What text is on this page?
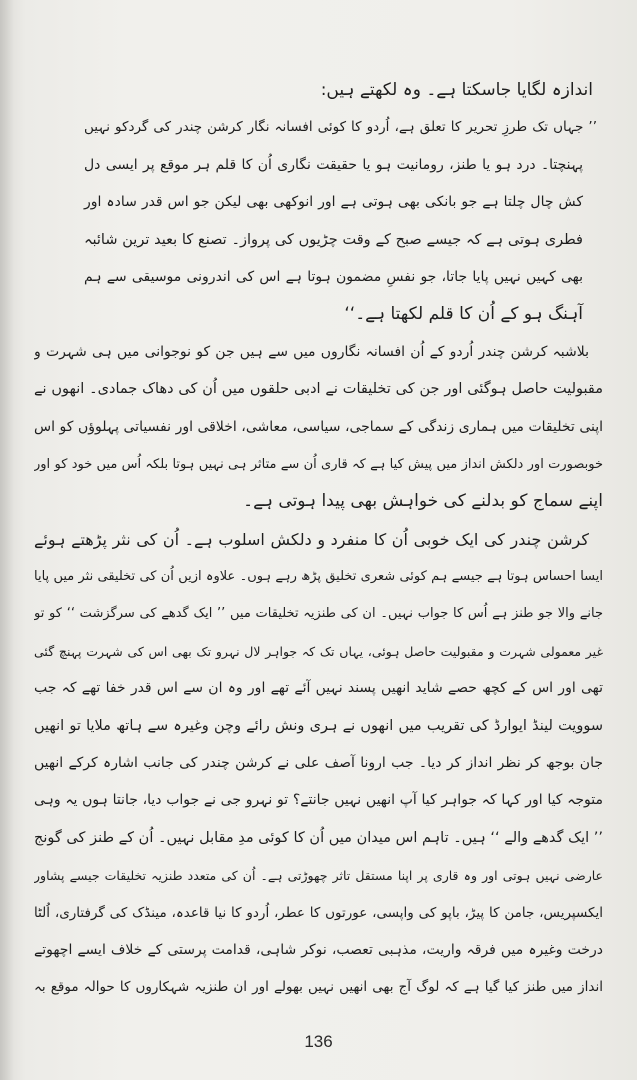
اندازہ لگایا جاسکتا ہے۔ وہ لکھتے ہیں:
’’ جہاں تک طرزِ تحریر کا تعلق ہے، اُردو کا کوئی افسانہ نگار کرشن چندر کی گردکو نہیں
پہنچتا۔ درد ہو یا طنز، رومانیت ہو یا حقیقت نگاری اُن کا قلم ہر موقع پر ایسی دل
کش چال چلتا ہے جو بانکی بھی ہوتی ہے اور انوکھی بھی لیکن جو اس قدر سادہ اور
فطری ہوتی ہے کہ جیسے صبح کے وقت چڑیوں کی پرواز۔ تصنع کا بعید ترین شائبہ
بھی کہیں نہیں پایا جاتا، جو نفسِ مضمون ہوتا ہے اس کی اندرونی موسیقی سے ہم
آہنگ ہو کے اُن کا قلم لکھتا ہے۔‘‘
بلاشبہ کرشن چندر اُردو کے اُن افسانہ نگاروں میں سے ہیں جن کو نوجوانی میں ہی شہرت و
مقبولیت حاصل ہوگئی اور جن کی تخلیقات نے ادبی حلقوں میں اُن کی دھاک جمادی۔ انھوں نے
اپنی تخلیقات میں ہماری زندگی کے سماجی، سیاسی، معاشی، اخلاقی اور نفسیاتی پہلوؤں کو اس
خوبصورت اور دلکش انداز میں پیش کیا ہے کہ قاری اُن سے متاثر ہی نہیں ہوتا بلکہ اُس میں خود کو اور
اپنے سماج کو بدلنے کی خواہش بھی پیدا ہوتی ہے۔
کرشن چندر کی ایک خوبی اُن کا منفرد و دلکش اسلوب ہے۔ اُن کی نثر پڑھتے ہوئے
ایسا احساس ہوتا ہے جیسے ہم کوئی شعری تخلیق پڑھ رہے ہوں۔ علاوہ ازیں اُن کی تخلیقی نثر میں پایا
جانے والا جو طنز ہے اُس کا جواب نہیں۔ ان کی طنزیہ تخلیقات میں ’’ ایک گدھے کی سرگزشت ‘‘ کو تو
غیر معمولی شہرت و مقبولیت حاصل ہوئی، یہاں تک کہ جواہر لال نہرو تک بھی اس کی شہرت پہنچ گئی
تھی اور اس کے کچھ حصے شاید انھیں پسند نہیں آئے تھے اور وہ ان سے اس قدر خفا تھے کہ جب
سوویت لینڈ ایوارڈ کی تقریب میں انھوں نے ہری ونش رائے وچن وغیرہ سے ہاتھ ملایا تو انھیں
جان بوجھ کر نظر انداز کر دیا۔ جب ارونا آصف علی نے کرشن چندر کی جانب اشارہ کرکے انھیں
متوجہ کیا اور کہا کہ جواہر کیا آپ انھیں نہیں جانتے؟ تو نہرو جی نے جواب دیا، جانتا ہوں یہ وہی
’’ ایک گدھے والے ‘‘ ہیں۔ تاہم اس میدان میں اُن کا کوئی مدِ مقابل نہیں۔ اُن کے طنز کی گونج
عارضی نہیں ہوتی اور وہ قاری پر اپنا مستقل تاثر چھوڑتی ہے۔ اُن کی متعدد طنزیہ تخلیقات جیسے پشاور
ایکسپریس، جامن کا پیڑ، باپو کی واپسی، عورتوں کا عطر، اُردو کا نیا قاعدہ، مینڈک کی گرفتاری، اُلٹا
درخت وغیرہ میں فرقہ واریت، مذہبی تعصب، نوکر شاہی، قدامت پرستی کے خلاف ایسے اچھوتے
انداز میں طنز کیا گیا ہے کہ لوگ آج بھی انھیں نہیں بھولے اور ان طنزیہ شہکاروں کا حوالہ موقع بہ
136
